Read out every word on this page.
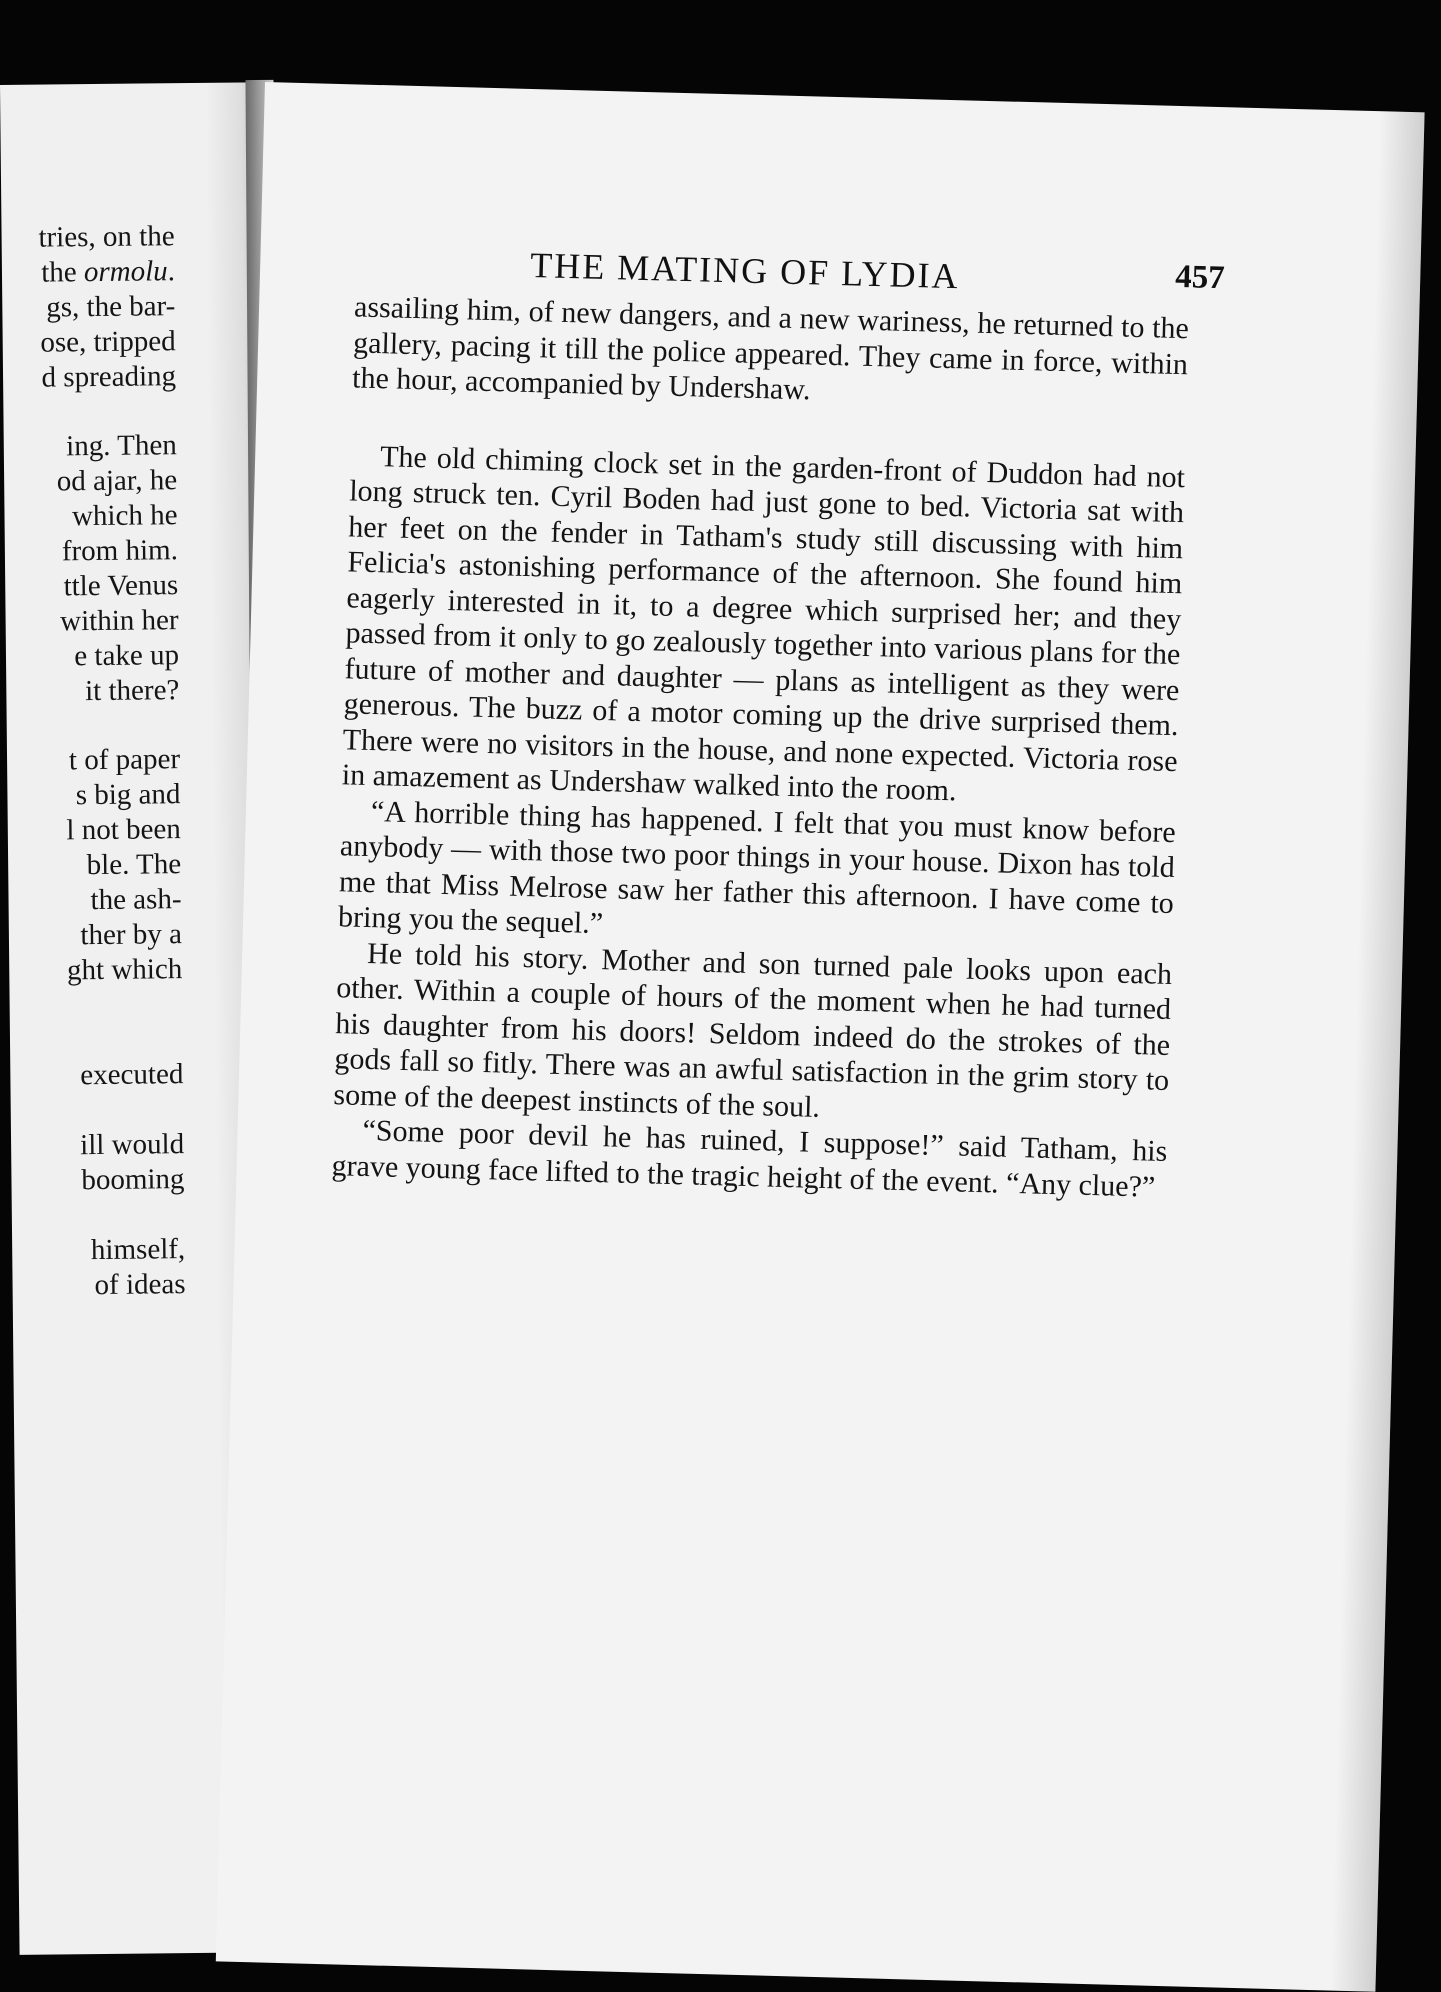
tries, on the
the ormolu.
gs, the bar-
ose, tripped
d spreading
ing. Then
od ajar, he
which he
from him.
ttle Venus
within her
e take up
it there?
t of paper
s big and
l not been
ble. The
the ash-
ther by a
ght which
executed
ill would
booming
himself,
of ideas
THE MATING OF LYDIA	457

assailing him, of new dangers, and a new wariness, he returned to the gallery, pacing it till the police appeared. They came in force, within the hour, accompanied by Undershaw.

The old chiming clock set in the garden-front of Duddon had not long struck ten. Cyril Boden had just gone to bed. Victoria sat with her feet on the fender in Tatham's study still discussing with him Felicia's astonishing performance of the afternoon. She found him eagerly interested in it, to a degree which surprised her; and they passed from it only to go zealously together into various plans for the future of mother and daughter — plans as intelligent as they were generous. The buzz of a motor coming up the drive surprised them. There were no visitors in the house, and none expected. Victoria rose in amazement as Undershaw walked into the room.

“A horrible thing has happened. I felt that you must know before anybody — with those two poor things in your house. Dixon has told me that Miss Melrose saw her father this afternoon. I have come to bring you the sequel.”

He told his story. Mother and son turned pale looks upon each other. Within a couple of hours of the moment when he had turned his daughter from his doors! Seldom indeed do the strokes of the gods fall so fitly. There was an awful satisfaction in the grim story to some of the deepest instincts of the soul.

“Some poor devil he has ruined, I suppose!” said Tatham, his grave young face lifted to the tragic height of the event. “Any clue?”
